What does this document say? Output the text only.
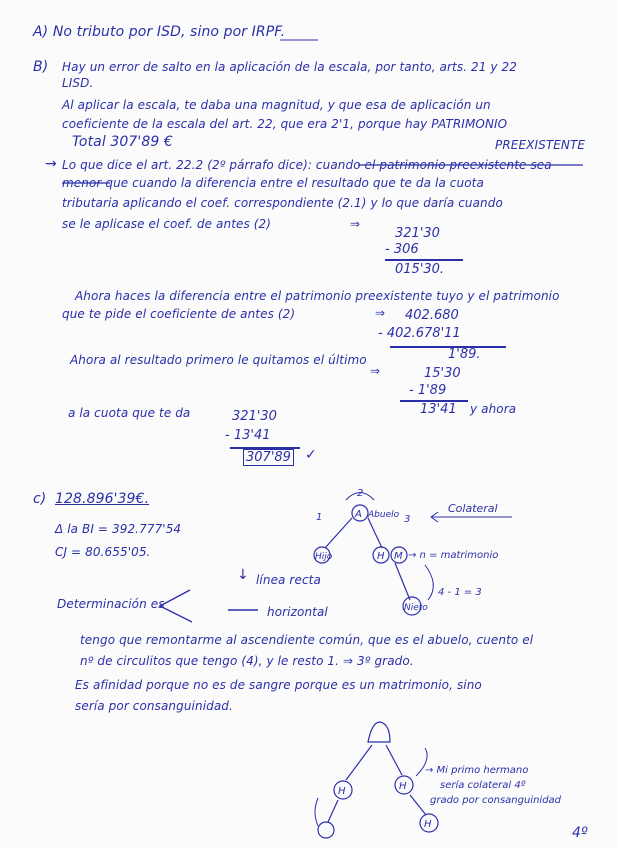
A) No tributo por ISD, sino por IRPF.
B) Hay un error de salto en la aplicación de la escala, por tanto, arts. 21 y 22
LISD.
Al aplicar la escala, te daba una magnitud, y que esa de aplicación un
coeficiente de la escala del art. 22, que era 2'1, porque hay PATRIMONIO
PREEXISTENTE
Total 307'89 €
→ Lo que dice el art. 22.2 (2º párrafo dice): cuando el patrimonio preexistente sea
menor que cuando la diferencia entre el resultado que te da la cuota
tributaria aplicando el coef. correspondiente (2.1) y lo que daría cuando
se le aplicase el coef. de antes (2)	⇒
321'30
- 306
015'30.
Ahora haces la diferencia entre el patrimonio preexistente tuyo y el patrimonio
que te pide el coeficiente de antes (2)	⇒ 402.680
- 402.678'11
1'89.
Ahora al resultado primero le quitamos el último
⇒	15'30
- 1'89
13'41 y ahora
a la cuota que te da	321'30
- 13'41
307'89 ✓
c) 128.896'39€.
Δ la BI = 392.777'54
CJ = 80.655'05.
↓ línea recta
Determinación es
horizontal
tengo que remontarme al ascendiente común, que es el abuelo, cuento el
nº de circulitos que tengo (4), y le resto 1. ⇒ 3º grado.
Es afinidad porque no es de sangre porque es un matrimonio, sino
sería por consanguinidad.
A Abuelo
2
1	3
Hijo	H M → n = matrimonio
Nieto
4 - 1 = 3
Colateral
H	H
H
→ Mi primo hermano
sería colateral 4º
grado por consanguinidad
4º
